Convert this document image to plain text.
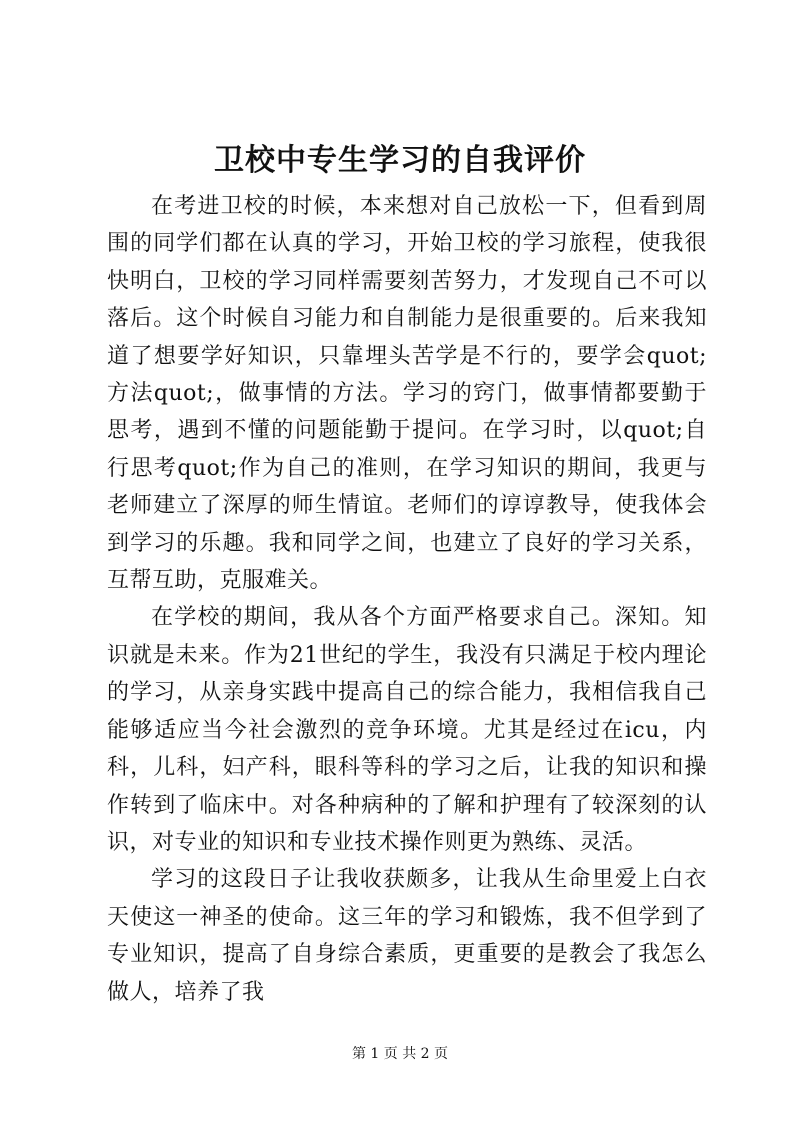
卫校中专生学习的自我评价

在考进卫校的时候，本来想对自己放松一下，但看到周围的同学们都在认真的学习，开始卫校的学习旅程，使我很快明白，卫校的学习同样需要刻苦努力，才发现自己不可以落后。这个时候自习能力和自制能力是很重要的。后来我知道了想要学好知识，只靠埋头苦学是不行的，要学会quot;方法quot;，做事情的方法。学习的窍门，做事情都要勤于思考，遇到不懂的问题能勤于提问。在学习时，以quot;自行思考quot;作为自己的准则，在学习知识的期间，我更与老师建立了深厚的师生情谊。老师们的谆谆教导，使我体会到学习的乐趣。我和同学之间，也建立了良好的学习关系，互帮互助，克服难关。

在学校的期间，我从各个方面严格要求自己。深知。知识就是未来。作为21世纪的学生，我没有只满足于校内理论的学习，从亲身实践中提高自己的综合能力，我相信我自己能够适应当今社会激烈的竞争环境。尤其是经过在icu，内科，儿科，妇产科，眼科等科的学习之后，让我的知识和操作转到了临床中。对各种病种的了解和护理有了较深刻的认识，对专业的知识和专业技术操作则更为熟练、灵活。

学习的这段日子让我收获颇多，让我从生命里爱上白衣天使这一神圣的使命。这三年的学习和锻炼，我不但学到了专业知识，提高了自身综合素质，更重要的是教会了我怎么做人，培养了我

第 1 页 共 2 页
